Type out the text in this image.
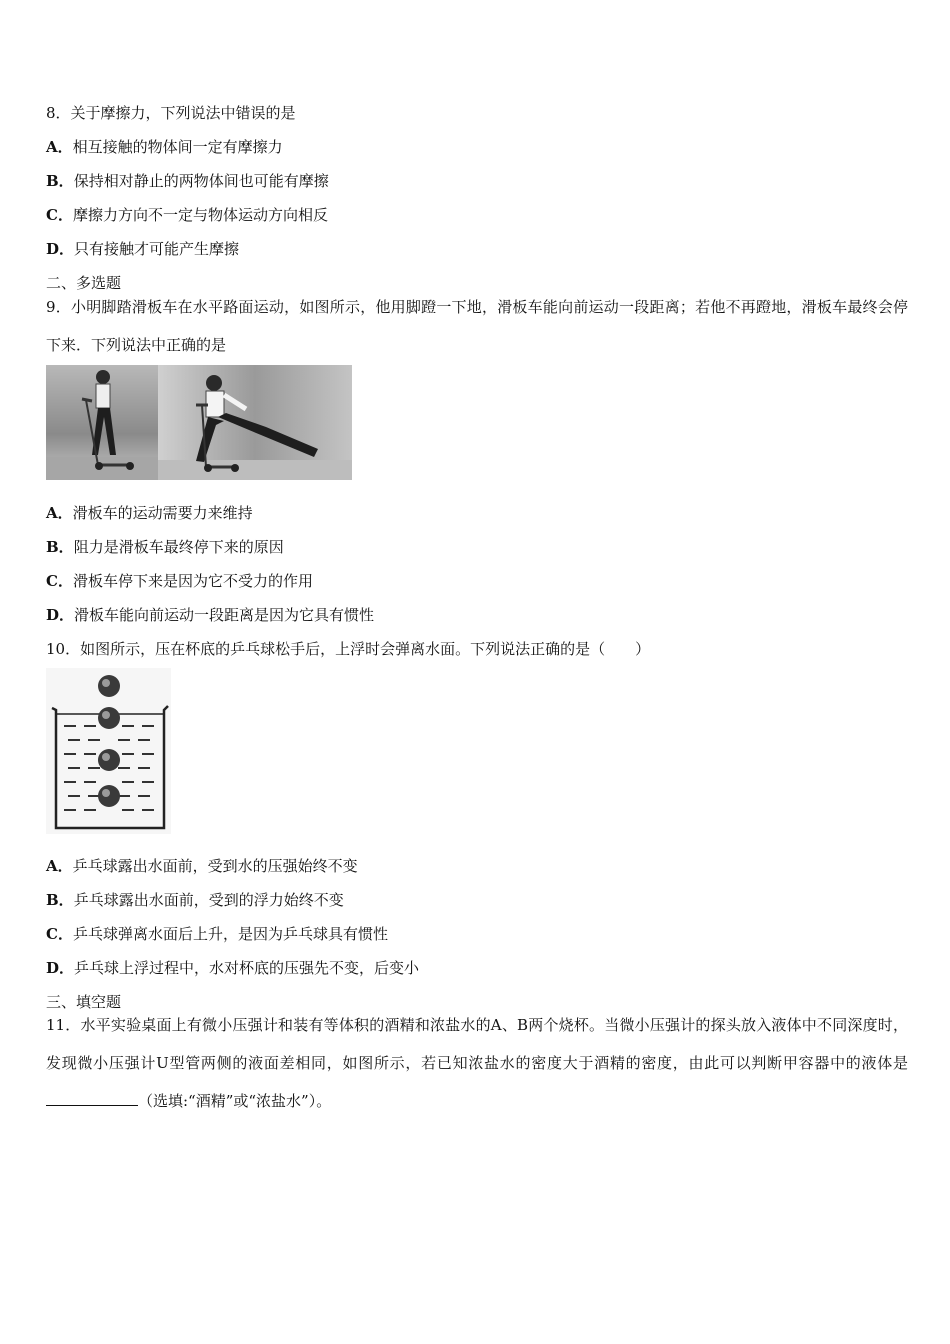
8．关于摩擦力，下列说法中错误的是
A．相互接触的物体间一定有摩擦力
B．保持相对静止的两物体间也可能有摩擦
C．摩擦力方向不一定与物体运动方向相反
D．只有接触才可能产生摩擦
二、多选题
9．小明脚踏滑板车在水平路面运动，如图所示，他用脚蹬一下地，滑板车能向前运动一段距离；若他不再蹬地，滑板车最终会停下来．下列说法中正确的是
A．滑板车的运动需要力来维持
B．阻力是滑板车最终停下来的原因
C．滑板车停下来是因为它不受力的作用
D．滑板车能向前运动一段距离是因为它具有惯性
10．如图所示，压在杯底的乒乓球松手后，上浮时会弹离水面。下列说法正确的是（　　）
A．乒乓球露出水面前，受到水的压强始终不变
B．乒乓球露出水面前，受到的浮力始终不变
C．乒乓球弹离水面后上升，是因为乒乓球具有惯性
D．乒乓球上浮过程中，水对杯底的压强先不变，后变小
三、填空题
11．水平实验桌面上有微小压强计和装有等体积的酒精和浓盐水的A、B两个烧杯。当微小压强计的探头放入液体中不同深度时，发现微小压强计U型管两侧的液面差相同，如图所示，若已知浓盐水的密度大于酒精的密度，由此可以判断甲容器中的液体是（选填:“酒精”或“浓盐水”）。
